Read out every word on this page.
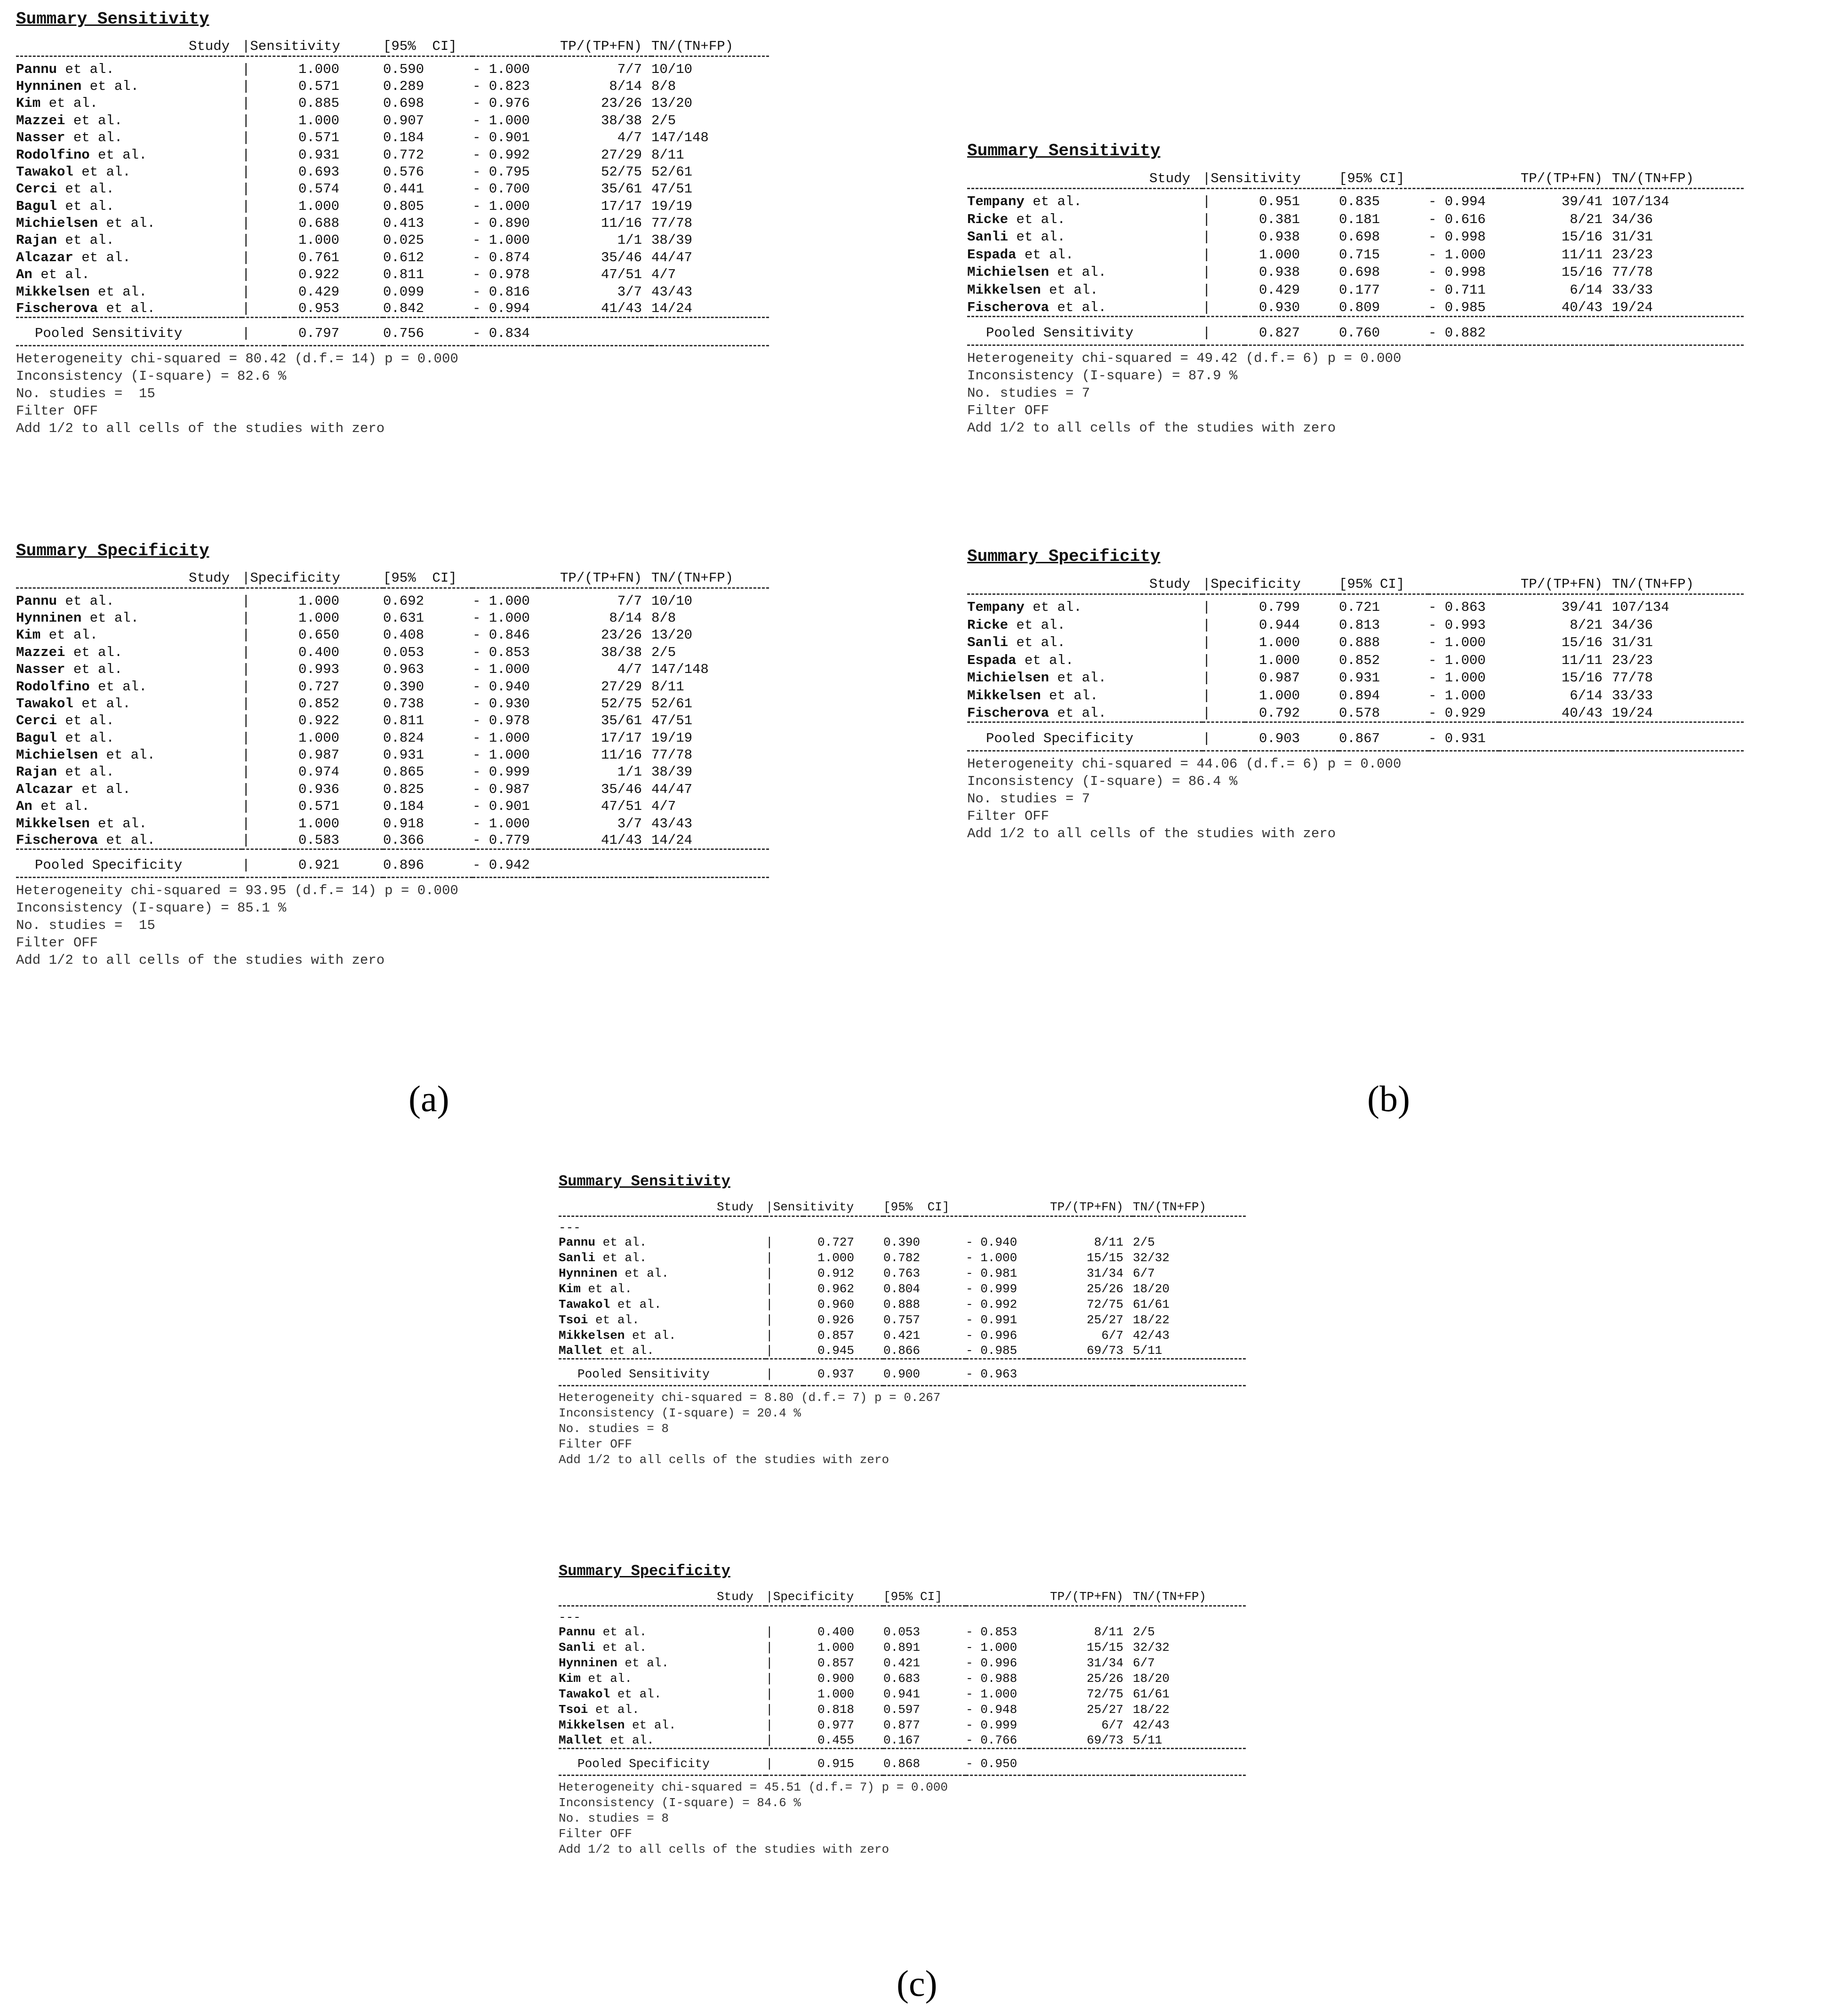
Summary Sensitivity
Study	|Sensitivity		[95%  CI]		TP/(TP+FN)	TN/(TN+FP)

Pannu et al.	|	1.000	0.590	- 1.000	7/7	10/10
Hynninen et al.	|	0.571	0.289	- 0.823	8/14	8/8
Kim et al.	|	0.885	0.698	- 0.976	23/26	13/20
Mazzei et al.	|	1.000	0.907	- 1.000	38/38	2/5
Nasser et al.	|	0.571	0.184	- 0.901	4/7	147/148
Rodolfino et al.	|	0.931	0.772	- 0.992	27/29	8/11
Tawakol et al.	|	0.693	0.576	- 0.795	52/75	52/61
Cerci et al.	|	0.574	0.441	- 0.700	35/61	47/51
Bagul et al.	|	1.000	0.805	- 1.000	17/17	19/19
Michielsen et al.	|	0.688	0.413	- 0.890	11/16	77/78
Rajan et al.	|	1.000	0.025	- 1.000	1/1	38/39
Alcazar et al.	|	0.761	0.612	- 0.874	35/46	44/47
An et al.	|	0.922	0.811	- 0.978	47/51	4/7
Mikkelsen et al.	|	0.429	0.099	- 0.816	3/7	43/43
Fischerova et al.	|	0.953	0.842	- 0.994	41/43	14/24

Pooled Sensitivity	|	0.797	0.756	- 0.834		

Heterogeneity chi-squared = 80.42 (d.f.= 14) p = 0.000
Inconsistency (I-square) = 82.6 %
No. studies =  15
Filter OFF
Add 1/2 to all cells of the studies with zero
Summary Specificity
Study	|Specificity		[95%  CI]		TP/(TP+FN)	TN/(TN+FP)

Pannu et al.	|	1.000	0.692	- 1.000	7/7	10/10
Hynninen et al.	|	1.000	0.631	- 1.000	8/14	8/8
Kim et al.	|	0.650	0.408	- 0.846	23/26	13/20
Mazzei et al.	|	0.400	0.053	- 0.853	38/38	2/5
Nasser et al.	|	0.993	0.963	- 1.000	4/7	147/148
Rodolfino et al.	|	0.727	0.390	- 0.940	27/29	8/11
Tawakol et al.	|	0.852	0.738	- 0.930	52/75	52/61
Cerci et al.	|	0.922	0.811	- 0.978	35/61	47/51
Bagul et al.	|	1.000	0.824	- 1.000	17/17	19/19
Michielsen et al.	|	0.987	0.931	- 1.000	11/16	77/78
Rajan et al.	|	0.974	0.865	- 0.999	1/1	38/39
Alcazar et al.	|	0.936	0.825	- 0.987	35/46	44/47
An et al.	|	0.571	0.184	- 0.901	47/51	4/7
Mikkelsen et al.	|	1.000	0.918	- 1.000	3/7	43/43
Fischerova et al.	|	0.583	0.366	- 0.779	41/43	14/24

Pooled Specificity	|	0.921	0.896	- 0.942		

Heterogeneity chi-squared = 93.95 (d.f.= 14) p = 0.000
Inconsistency (I-square) = 85.1 %
No. studies =  15
Filter OFF
Add 1/2 to all cells of the studies with zero
(a)
Summary Sensitivity
Study	|Sensitivity		[95% CI]		TP/(TP+FN)	TN/(TN+FP)

Tempany et al.	|	0.951	0.835	- 0.994	39/41	107/134
Ricke et al.	|	0.381	0.181	- 0.616	8/21	34/36
Sanli et al.	|	0.938	0.698	- 0.998	15/16	31/31
Espada et al.	|	1.000	0.715	- 1.000	11/11	23/23
Michielsen et al.	|	0.938	0.698	- 0.998	15/16	77/78
Mikkelsen et al.	|	0.429	0.177	- 0.711	6/14	33/33
Fischerova et al.	|	0.930	0.809	- 0.985	40/43	19/24

Pooled Sensitivity	|	0.827	0.760	- 0.882		

Heterogeneity chi-squared = 49.42 (d.f.= 6) p = 0.000
Inconsistency (I-square) = 87.9 %
No. studies = 7
Filter OFF
Add 1/2 to all cells of the studies with zero
Summary Specificity
Study	|Specificity		[95% CI]		TP/(TP+FN)	TN/(TN+FP)

Tempany et al.	|	0.799	0.721	- 0.863	39/41	107/134
Ricke et al.	|	0.944	0.813	- 0.993	8/21	34/36
Sanli et al.	|	1.000	0.888	- 1.000	15/16	31/31
Espada et al.	|	1.000	0.852	- 1.000	11/11	23/23
Michielsen et al.	|	0.987	0.931	- 1.000	15/16	77/78
Mikkelsen et al.	|	1.000	0.894	- 1.000	6/14	33/33
Fischerova et al.	|	0.792	0.578	- 0.929	40/43	19/24

Pooled Specificity	|	0.903	0.867	- 0.931		

Heterogeneity chi-squared = 44.06 (d.f.= 6) p = 0.000
Inconsistency (I-square) = 86.4 %
No. studies = 7
Filter OFF
Add 1/2 to all cells of the studies with zero
(b)
Summary Sensitivity
Study	|Sensitivity		[95%  CI]		TP/(TP+FN)	TN/(TN+FP)

---						
Pannu et al.	|	0.727	0.390	- 0.940	8/11	2/5
Sanli et al.	|	1.000	0.782	- 1.000	15/15	32/32
Hynninen et al.	|	0.912	0.763	- 0.981	31/34	6/7
Kim et al.	|	0.962	0.804	- 0.999	25/26	18/20
Tawakol et al.	|	0.960	0.888	- 0.992	72/75	61/61
Tsoi et al.	|	0.926	0.757	- 0.991	25/27	18/22
Mikkelsen et al.	|	0.857	0.421	- 0.996	6/7	42/43
Mallet et al.	|	0.945	0.866	- 0.985	69/73	5/11

Pooled Sensitivity	|	0.937	0.900	- 0.963		

Heterogeneity chi-squared = 8.80 (d.f.= 7) p = 0.267
Inconsistency (I-square) = 20.4 %
No. studies = 8
Filter OFF
Add 1/2 to all cells of the studies with zero
Summary Specificity
Study	|Specificity		[95% CI]		TP/(TP+FN)	TN/(TN+FP)

---						
Pannu et al.	|	0.400	0.053	- 0.853	8/11	2/5
Sanli et al.	|	1.000	0.891	- 1.000	15/15	32/32
Hynninen et al.	|	0.857	0.421	- 0.996	31/34	6/7
Kim et al.	|	0.900	0.683	- 0.988	25/26	18/20
Tawakol et al.	|	1.000	0.941	- 1.000	72/75	61/61
Tsoi et al.	|	0.818	0.597	- 0.948	25/27	18/22
Mikkelsen et al.	|	0.977	0.877	- 0.999	6/7	42/43
Mallet et al.	|	0.455	0.167	- 0.766	69/73	5/11

Pooled Specificity	|	0.915	0.868	- 0.950		

Heterogeneity chi-squared = 45.51 (d.f.= 7) p = 0.000
Inconsistency (I-square) = 84.6 %
No. studies = 8
Filter OFF
Add 1/2 to all cells of the studies with zero
(c)
